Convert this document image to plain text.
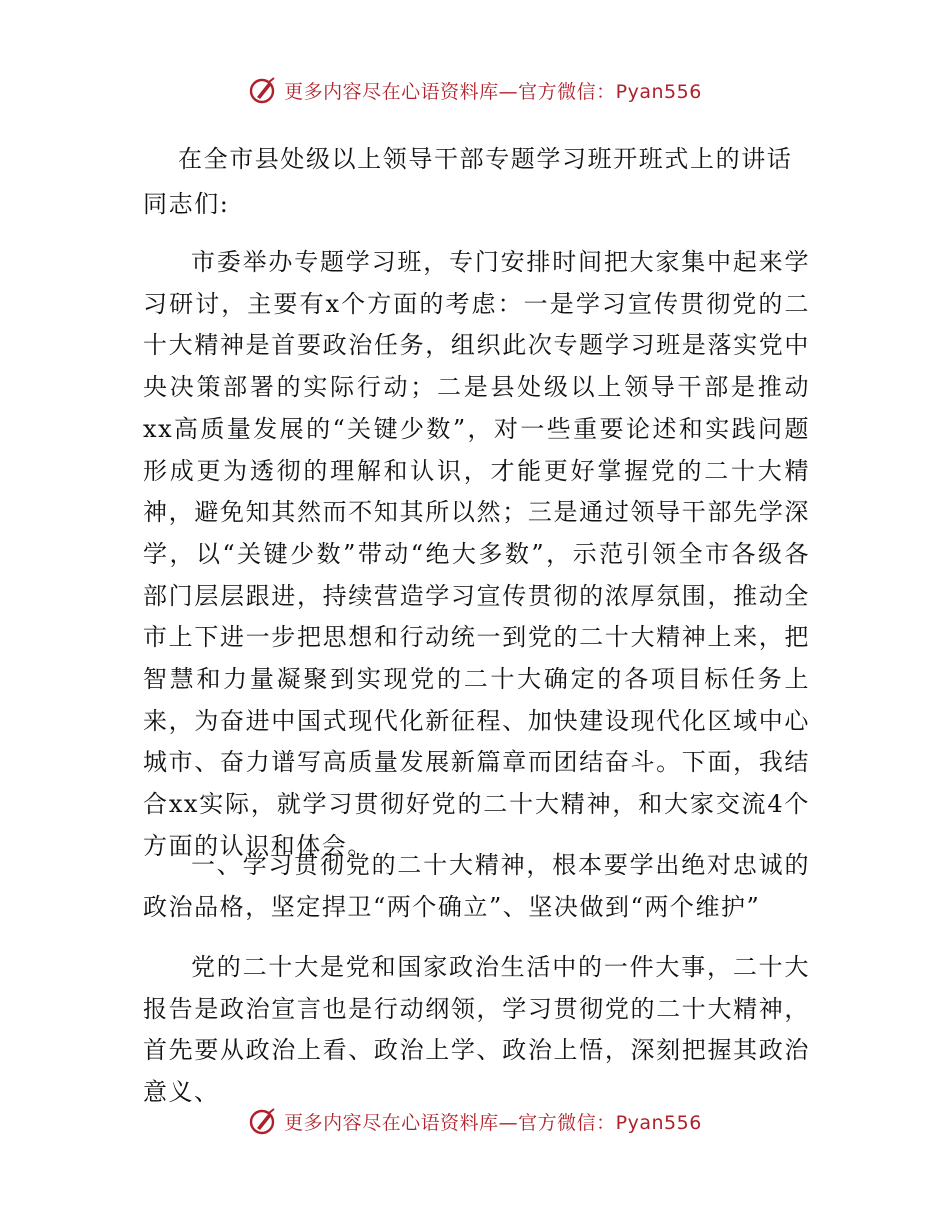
更多内容尽在心语资料库—官方微信：Pyan556
在全市县处级以上领导干部专题学习班开班式上的讲话
同志们:

市委举办专题学习班，专门安排时间把大家集中起来学习研讨，主要有x个方面的考虑：一是学习宣传贯彻党的二十大精神是首要政治任务，组织此次专题学习班是落实党中央决策部署的实际行动；二是县处级以上领导干部是推动xx高质量发展的“关键少数”，对一些重要论述和实践问题形成更为透彻的理解和认识，才能更好掌握党的二十大精神，避免知其然而不知其所以然；三是通过领导干部先学深学，以“关键少数”带动“绝大多数”，示范引领全市各级各部门层层跟进，持续营造学习宣传贯彻的浓厚氛围，推动全市上下进一步把思想和行动统一到党的二十大精神上来，把智慧和力量凝聚到实现党的二十大确定的各项目标任务上来，为奋进中国式现代化新征程、加快建设现代化区域中心城市、奋力谱写高质量发展新篇章而团结奋斗。下面，我结合xx实际，就学习贯彻好党的二十大精神，和大家交流4个方面的认识和体会。

一、学习贯彻党的二十大精神，根本要学出绝对忠诚的政治品格，坚定捍卫“两个确立”、坚决做到“两个维护”

党的二十大是党和国家政治生活中的一件大事，二十大报告是政治宣言也是行动纲领，学习贯彻党的二十大精神，首先要从政治上看、政治上学、政治上悟，深刻把握其政治意义、

更多内容尽在心语资料库—官方微信：Pyan556
